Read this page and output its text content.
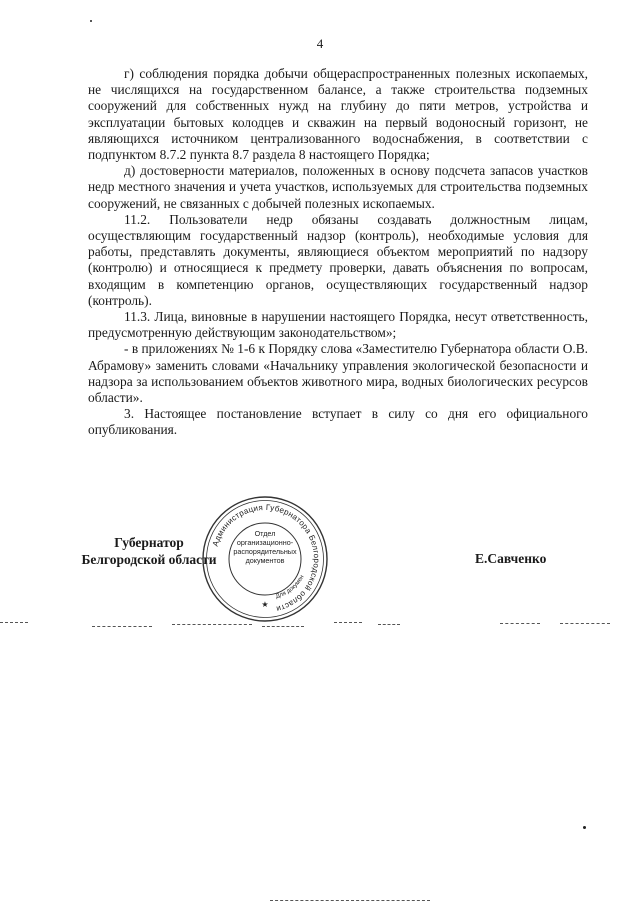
4

г) соблюдения порядка добычи общераспространенных полезных ископаемых, не числящихся на государственном балансе, а также строительства подземных сооружений для собственных нужд на глубину до пяти метров, устройства и эксплуатации бытовых колодцев и скважин на первый водоносный горизонт, не являющихся источником централизованного водоснабжения, в соответствии с подпунктом 8.7.2 пункта 8.7 раздела 8 настоящего Порядка;

д) достоверности материалов, положенных в основу подсчета запасов участков недр местного значения и учета участков, используемых для строительства подземных сооружений, не связанных с добычей полезных ископаемых.

11.2. Пользователи недр обязаны создавать должностным лицам, осуществляющим государственный надзор (контроль), необходимые условия для работы, представлять документы, являющиеся объектом мероприятий по надзору (контролю) и относящиеся к предмету проверки, давать объяснения по вопросам, входящим в компетенцию органов, осуществляющих государственный надзор (контроль).

11.3. Лица, виновные в нарушении настоящего Порядка, несут ответственность, предусмотренную действующим законодательством»;

- в приложениях № 1-6 к Порядку слова «Заместителю Губернатора области О.В. Абрамову» заменить словами «Начальнику управления экологической безопасности и надзора за использованием объектов животного мира, водных биологических ресурсов области».

3. Настоящее постановление вступает в силу со дня его официального опубликования.

Губернатор
Белгородской области
Администрация Губернатора Белгородской области
★
Для докумен
Отдел
организационно-
распорядительных
документов	Е.Савченко
